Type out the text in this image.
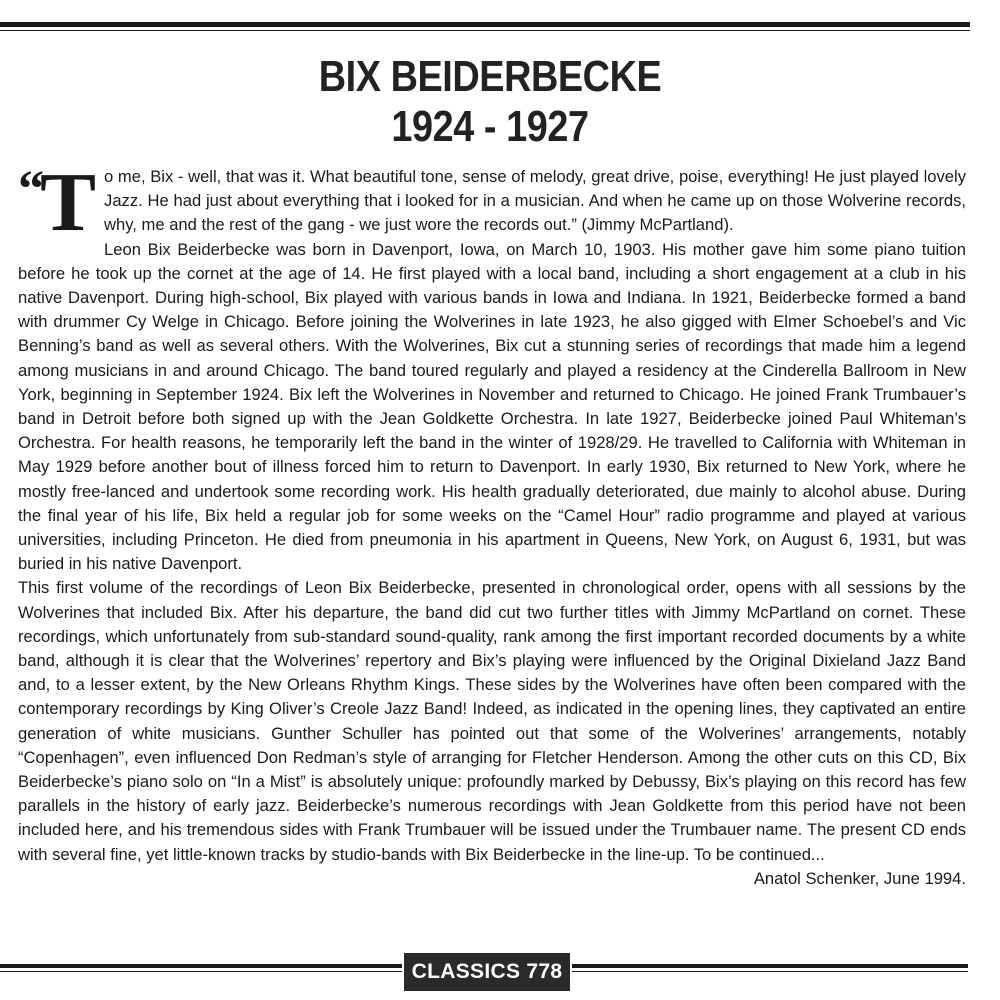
BIX BEIDERBECKE
1924 - 1927

“ T o me, Bix - well, that was it. What beautiful tone, sense of melody, great drive, poise, everything! He just played lovely Jazz. He had just about everything that i looked for in a musician. And when he came up on those Wolverine records, why, me and the rest of the gang - we just wore the records out.” (Jimmy McPartland).

Leon Bix Beiderbecke was born in Davenport, Iowa, on March 10, 1903. His mother gave him some piano tuition before he took up the cornet at the age of 14. He first played with a local band, including a short engagement at a club in his native Davenport. During high-school, Bix played with various bands in Iowa and Indiana. In 1921, Beiderbecke formed a band with drummer Cy Welge in Chicago. Before joining the Wolverines in late 1923, he also gigged with Elmer Schoebel’s and Vic Benning’s band as well as several others. With the Wolverines, Bix cut a stunning series of recordings that made him a legend among musicians in and around Chicago. The band toured regularly and played a residency at the Cinderella Ballroom in New York, beginning in September 1924. Bix left the Wolverines in November and returned to Chicago. He joined Frank Trumbauer’s band in Detroit before both signed up with the Jean Goldkette Orchestra. In late 1927, Beiderbecke joined Paul Whiteman’s Orchestra. For health reasons, he temporarily left the band in the winter of 1928/29. He travelled to California with Whiteman in May 1929 before another bout of illness forced him to return to Davenport. In early 1930, Bix returned to New York, where he mostly free-lanced and undertook some recording work. His health gradually deteriorated, due mainly to alcohol abuse. During the final year of his life, Bix held a regular job for some weeks on the “Camel Hour” radio programme and played at various universities, including Princeton. He died from pneumonia in his apartment in Queens, New York, on August 6, 1931, but was buried in his native Davenport.

This first volume of the recordings of Leon Bix Beiderbecke, presented in chronological order, opens with all sessions by the Wolverines that included Bix. After his departure, the band did cut two further titles with Jimmy McPartland on cornet. These recordings, which unfortunately from sub-standard sound-quality, rank among the first important recorded documents by a white band, although it is clear that the Wolverines’ repertory and Bix’s playing were influenced by the Original Dixieland Jazz Band and, to a lesser extent, by the New Orleans Rhythm Kings. These sides by the Wolverines have often been compared with the contemporary recordings by King Oliver’s Creole Jazz Band! Indeed, as indicated in the opening lines, they captivated an entire generation of white musicians. Gunther Schuller has pointed out that some of the Wolverines’ arrangements, notably “Copenhagen”, even influenced Don Redman’s style of arranging for Fletcher Henderson. Among the other cuts on this CD, Bix Beiderbecke’s piano solo on “In a Mist” is absolutely unique: profoundly marked by Debussy, Bix’s playing on this record has few parallels in the history of early jazz. Beiderbecke’s numerous recordings with Jean Goldkette from this period have not been included here, and his tremendous sides with Frank Trumbauer will be issued under the Trumbauer name. The present CD ends with several fine, yet little-known tracks by studio-bands with Bix Beiderbecke in the line-up. To be continued...

Anatol Schenker, June 1994.

CLASSICS 778
